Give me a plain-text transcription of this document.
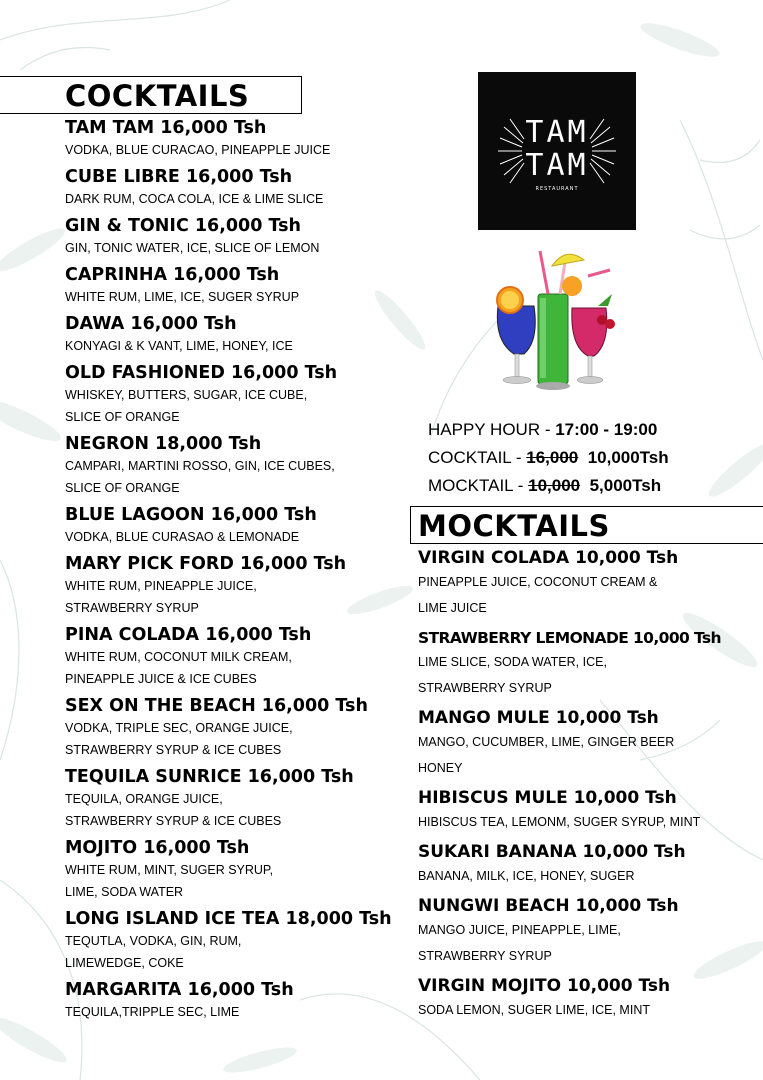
COCKTAILS

TAM TAM 16,000 Tsh

VODKA, BLUE CURACAO, PINEAPPLE JUICE

CUBE LIBRE 16,000 Tsh

DARK RUM, COCA COLA, ICE & LIME SLICE

GIN & TONIC 16,000 Tsh

GIN, TONIC WATER, ICE, SLICE OF LEMON

CAPRINHA 16,000 Tsh

WHITE RUM, LIME, ICE, SUGER SYRUP

DAWA 16,000 Tsh

KONYAGI & K VANT, LIME, HONEY, ICE

OLD FASHIONED 16,000 Tsh

WHISKEY, BUTTERS, SUGAR, ICE CUBE,

SLICE OF ORANGE

NEGRON 18,000 Tsh

CAMPARI, MARTINI ROSSO, GIN, ICE CUBES,

SLICE OF ORANGE

BLUE LAGOON 16,000 Tsh

VODKA, BLUE CURASAO & LEMONADE

MARY PICK FORD 16,000 Tsh

WHITE RUM, PINEAPPLE JUICE,

STRAWBERRY SYRUP

PINA COLADA 16,000 Tsh

WHITE RUM, COCONUT MILK CREAM,

PINEAPPLE JUICE & ICE CUBES

SEX ON THE BEACH 16,000 Tsh

VODKA, TRIPLE SEC, ORANGE JUICE,

STRAWBERRY SYRUP & ICE CUBES

TEQUILA SUNRICE 16,000 Tsh

TEQUILA, ORANGE JUICE,

STRAWBERRY SYRUP & ICE CUBES

MOJITO 16,000 Tsh

WHITE RUM, MINT, SUGER SYRUP,

LIME, SODA WATER

LONG ISLAND ICE TEA 18,000 Tsh

TEQUTLA, VODKA, GIN, RUM,

LIMEWEDGE, COKE

MARGARITA 16,000 Tsh

TEQUILA,TRIPPLE SEC, LIME

TAM
TAM
RESTAURANT

HAPPY HOUR - 17:00 - 19:00

COCKTAIL - 16,000 10,000Tsh

MOCKTAIL - 10,000 5,000Tsh

MOCKTAILS

VIRGIN COLADA 10,000 Tsh

PINEAPPLE JUICE, COCONUT CREAM &

LIME JUICE

STRAWBERRY LEMONADE 10,000 Tsh

LIME SLICE, SODA WATER, ICE,

STRAWBERRY SYRUP

MANGO MULE 10,000 Tsh

MANGO, CUCUMBER, LIME, GINGER BEER

HONEY

HIBISCUS MULE 10,000 Tsh

HIBISCUS TEA, LEMONM, SUGER SYRUP, MINT

SUKARI BANANA 10,000 Tsh

BANANA, MILK, ICE, HONEY, SUGER

NUNGWI BEACH 10,000 Tsh

MANGO JUICE, PINEAPPLE, LIME,

STRAWBERRY SYRUP

VIRGIN MOJITO 10,000 Tsh

SODA LEMON, SUGER LIME, ICE, MINT
